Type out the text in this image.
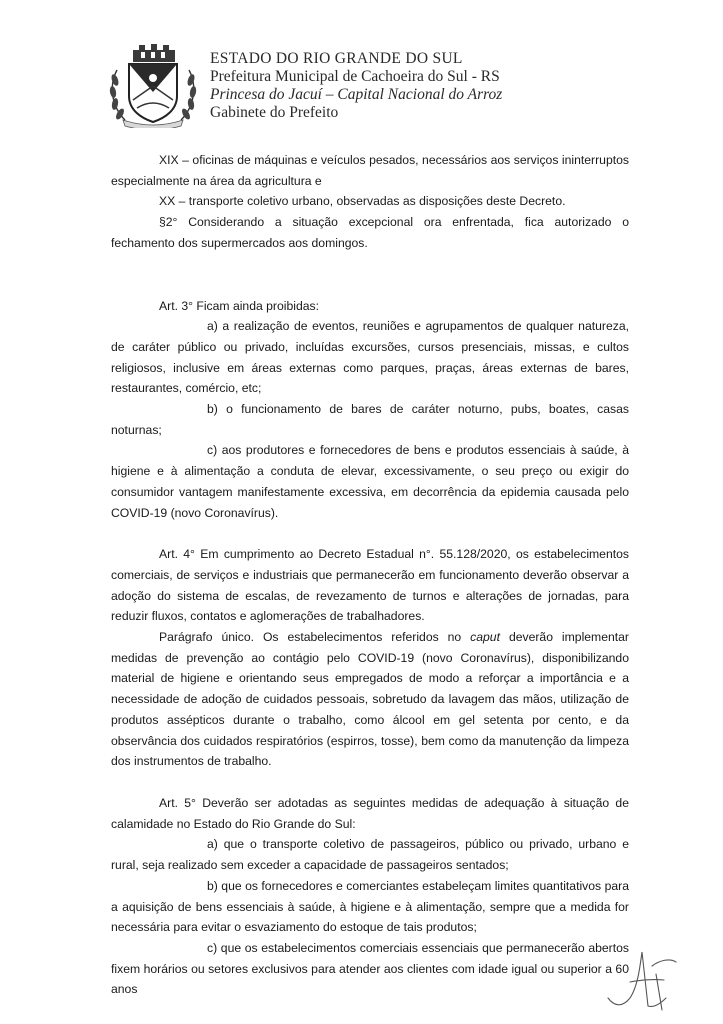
ESTADO DO RIO GRANDE DO SUL
Prefeitura Municipal de Cachoeira do Sul - RS
Princesa do Jacuí – Capital Nacional do Arroz
Gabinete do Prefeito

XIX – oficinas de máquinas e veículos pesados, necessários aos serviços ininterruptos especialmente na área da agricultura e

XX – transporte coletivo urbano, observadas as disposições deste Decreto.

§2° Considerando a situação excepcional ora enfrentada, fica autorizado o fechamento dos supermercados aos domingos.

Art. 3° Ficam ainda proibidas:

a) a realização de eventos, reuniões e agrupamentos de qualquer natureza, de caráter público ou privado, incluídas excursões, cursos presenciais, missas, e cultos religiosos, inclusive em áreas externas como parques, praças, áreas externas de bares, restaurantes, comércio, etc;

b) o funcionamento de bares de caráter noturno, pubs, boates, casas noturnas;

c) aos produtores e fornecedores de bens e produtos essenciais à saúde, à higiene e à alimentação a conduta de elevar, excessivamente, o seu preço ou exigir do consumidor vantagem manifestamente excessiva, em decorrência da epidemia causada pelo COVID-19 (novo Coronavírus).

Art. 4° Em cumprimento ao Decreto Estadual n°. 55.128/2020, os estabelecimentos comerciais, de serviços e industriais que permanecerão em funcionamento deverão observar a adoção do sistema de escalas, de revezamento de turnos e alterações de jornadas, para reduzir fluxos, contatos e aglomerações de trabalhadores.

Parágrafo único. Os estabelecimentos referidos no caput deverão implementar medidas de prevenção ao contágio pelo COVID-19 (novo Coronavírus), disponibilizando material de higiene e orientando seus empregados de modo a reforçar a importância e a necessidade de adoção de cuidados pessoais, sobretudo da lavagem das mãos, utilização de produtos assépticos durante o trabalho, como álcool em gel setenta por cento, e da observância dos cuidados respiratórios (espirros, tosse), bem como da manutenção da limpeza dos instrumentos de trabalho.

Art. 5° Deverão ser adotadas as seguintes medidas de adequação à situação de calamidade no Estado do Rio Grande do Sul:

a) que o transporte coletivo de passageiros, público ou privado, urbano e rural, seja realizado sem exceder a capacidade de passageiros sentados;

b) que os fornecedores e comerciantes estabeleçam limites quantitativos para a aquisição de bens essenciais à saúde, à higiene e à alimentação, sempre que a medida for necessária para evitar o esvaziamento do estoque de tais produtos;

c) que os estabelecimentos comerciais essenciais que permanecerão abertos fixem horários ou setores exclusivos para atender aos clientes com idade igual ou superior a 60 anos
